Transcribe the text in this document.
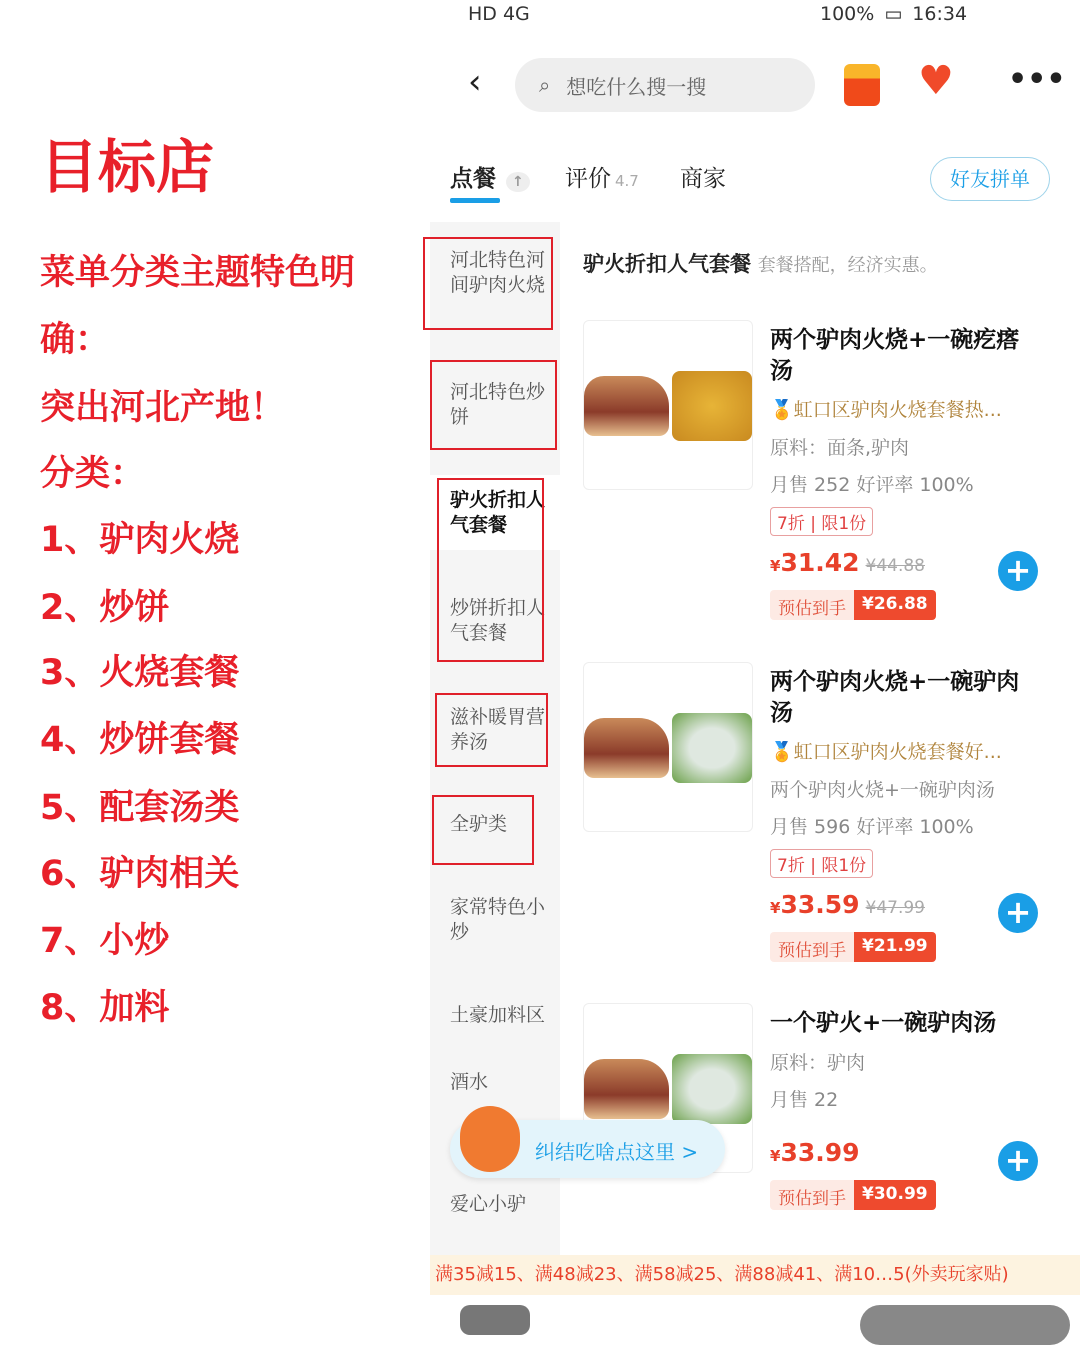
目标店
菜单分类主题特色明
确：
突出河北产地！
分类：
1、驴肉火烧
2、炒饼
3、火烧套餐
4、炒饼套餐
5、配套汤类
6、驴肉相关
7、小炒
8、加料
HD 4G	100% ▭ 16:34
‹	⌕ 想吃什么搜一搜	♥ •••
点餐 ↑ 评价 4.7 商家	好友拼单
河北特色河间驴肉火烧
河北特色炒饼
驴火折扣人气套餐
炒饼折扣人气套餐
滋补暖胃营养汤
全驴类
家常特色小炒
土豪加料区
酒水
爱心小驴
驴火折扣人气套餐 套餐搭配，经济实惠。
两个驴肉火烧+一碗疙瘩汤
🏅虹口区驴肉火烧套餐热...
原料：面条,驴肉
月售 252 好评率 100%
7折 | 限1份
¥31.42 ¥44.88 +
预估到手 ¥26.88
两个驴肉火烧+一碗驴肉汤
🏅虹口区驴肉火烧套餐好...
两个驴肉火烧+一碗驴肉汤
月售 596 好评率 100%
7折 | 限1份
¥33.59 ¥47.99 +
预估到手 ¥21.99
一个驴火+一碗驴肉汤
原料：驴肉
月售 22
¥33.99	+
预估到手 ¥30.99
纠结吃啥点这里 >
满35减15、满48减23、满58减25、满88减41、满10…5(外卖玩家贴)
